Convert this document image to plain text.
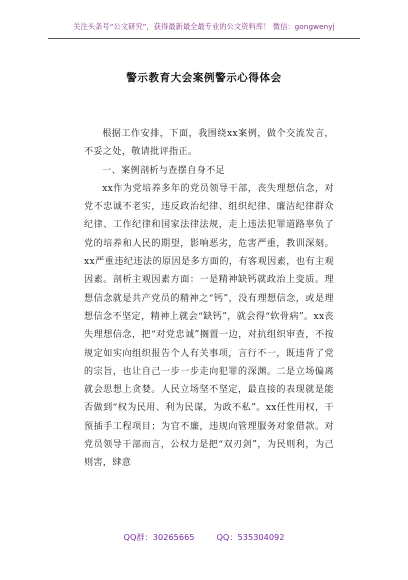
关注头条号“公文研究”，获得最新最全最专业的公文资料库！ 微信：gongwenyj
警示教育大会案例警示心得体会

根据工作安排，下面，我围绕xx案例，做个交流发言，不妥之处，敬请批评指正。

一、案例剖析与查摆自身不足

xx作为党培养多年的党员领导干部，丧失理想信念，对党不忠诚不老实，违反政治纪律、组织纪律、廉洁纪律群众纪律、工作纪律和国家法律法规，走上违法犯罪道路辜负了党的培养和人民的期望，影响恶劣，危害严重，教训深刻。xx严重违纪违法的原因是多方面的，有客观因素，也有主观因素。剖析主观因素方面：一是精神缺钙就政治上变质。理想信念就是共产党员的精神之“钙”，没有理想信念，或是理想信念不坚定，精神上就会“缺钙”，就会得“软骨病”。xx丧失理想信念，把“对党忠诚”搁置一边，对抗组织审查，不按规定如实向组织报告个人有关事项，言行不一，既违背了党的宗旨，也让自己一步一步走向犯罪的深渊。二是立场偏离就会思想上贪婪。人民立场坚不坚定，最直接的表现就是能否做到“权为民用、利为民谋，为政不私”。xx任性用权，干预插手工程项目；为官不廉，违规向管理服务对象借款。对党员领导干部而言，公权力是把“双刃剑”，为民则利，为己则害，肆意

QQ群：30265665	QQ：535304092
